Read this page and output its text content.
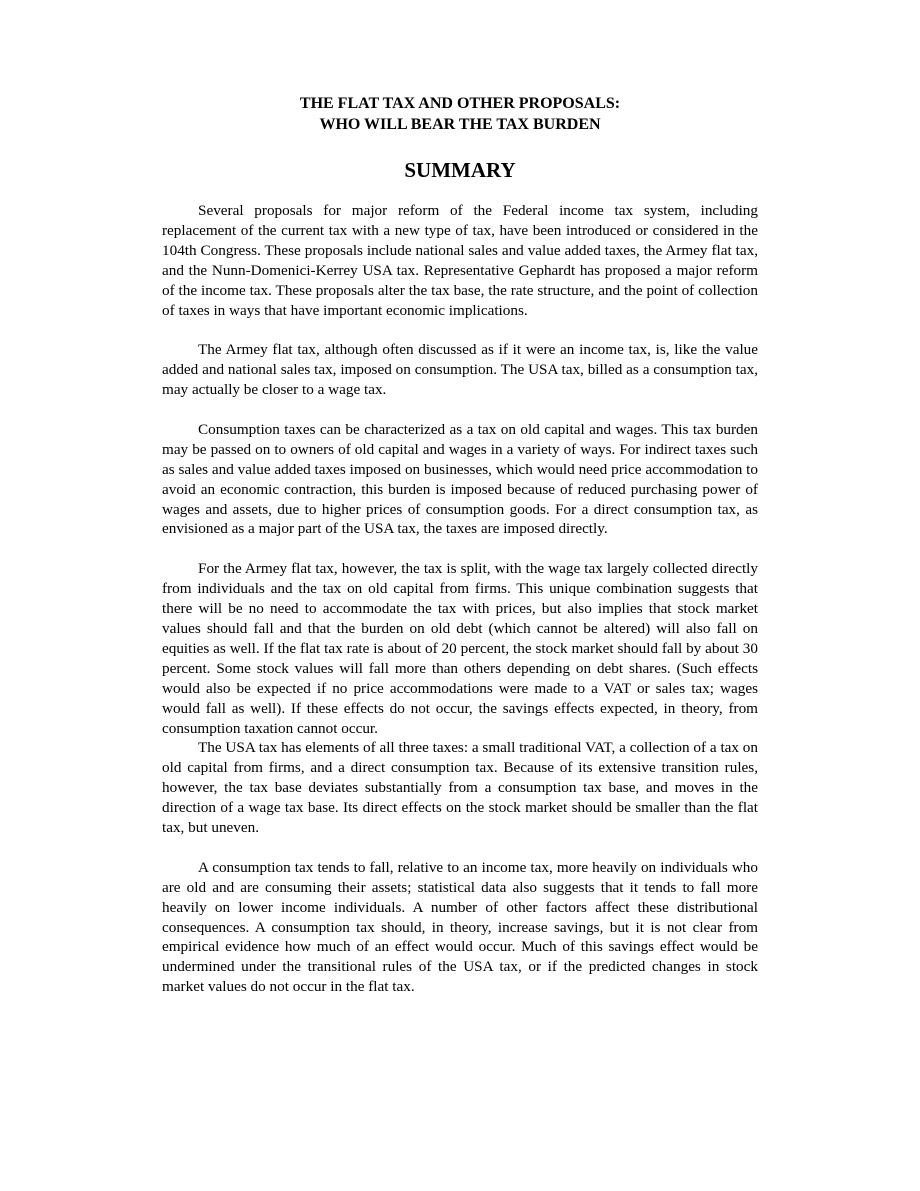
THE FLAT TAX AND OTHER PROPOSALS:
WHO WILL BEAR THE TAX BURDEN
SUMMARY

Several proposals for major reform of the Federal income tax system, including replacement of the current tax with a new type of tax, have been introduced or considered in the 104th Congress. These proposals include national sales and value added taxes, the Armey flat tax, and the Nunn-Domenici-Kerrey USA tax. Representative Gephardt has proposed a major reform of the income tax. These proposals alter the tax base, the rate structure, and the point of collection of taxes in ways that have important economic implications.

The Armey flat tax, although often discussed as if it were an income tax, is, like the value added and national sales tax, imposed on consumption. The USA tax, billed as a consumption tax, may actually be closer to a wage tax.

Consumption taxes can be characterized as a tax on old capital and wages. This tax burden may be passed on to owners of old capital and wages in a variety of ways. For indirect taxes such as sales and value added taxes imposed on businesses, which would need price accommodation to avoid an economic contraction, this burden is imposed because of reduced purchasing power of wages and assets, due to higher prices of consumption goods. For a direct consumption tax, as envisioned as a major part of the USA tax, the taxes are imposed directly.

For the Armey flat tax, however, the tax is split, with the wage tax largely collected directly from individuals and the tax on old capital from firms. This unique combination suggests that there will be no need to accommodate the tax with prices, but also implies that stock market values should fall and that the burden on old debt (which cannot be altered) will also fall on equities as well. If the flat tax rate is about of 20 percent, the stock market should fall by about 30 percent. Some stock values will fall more than others depending on debt shares. (Such effects would also be expected if no price accommodations were made to a VAT or sales tax; wages would fall as well). If these effects do not occur, the savings effects expected, in theory, from consumption taxation cannot occur.

The USA tax has elements of all three taxes: a small traditional VAT, a collection of a tax on old capital from firms, and a direct consumption tax. Because of its extensive transition rules, however, the tax base deviates substantially from a consumption tax base, and moves in the direction of a wage tax base. Its direct effects on the stock market should be smaller than the flat tax, but uneven.

A consumption tax tends to fall, relative to an income tax, more heavily on individuals who are old and are consuming their assets; statistical data also suggests that it tends to fall more heavily on lower income individuals. A number of other factors affect these distributional consequences. A consumption tax should, in theory, increase savings, but it is not clear from empirical evidence how much of an effect would occur. Much of this savings effect would be undermined under the transitional rules of the USA tax, or if the predicted changes in stock market values do not occur in the flat tax.
